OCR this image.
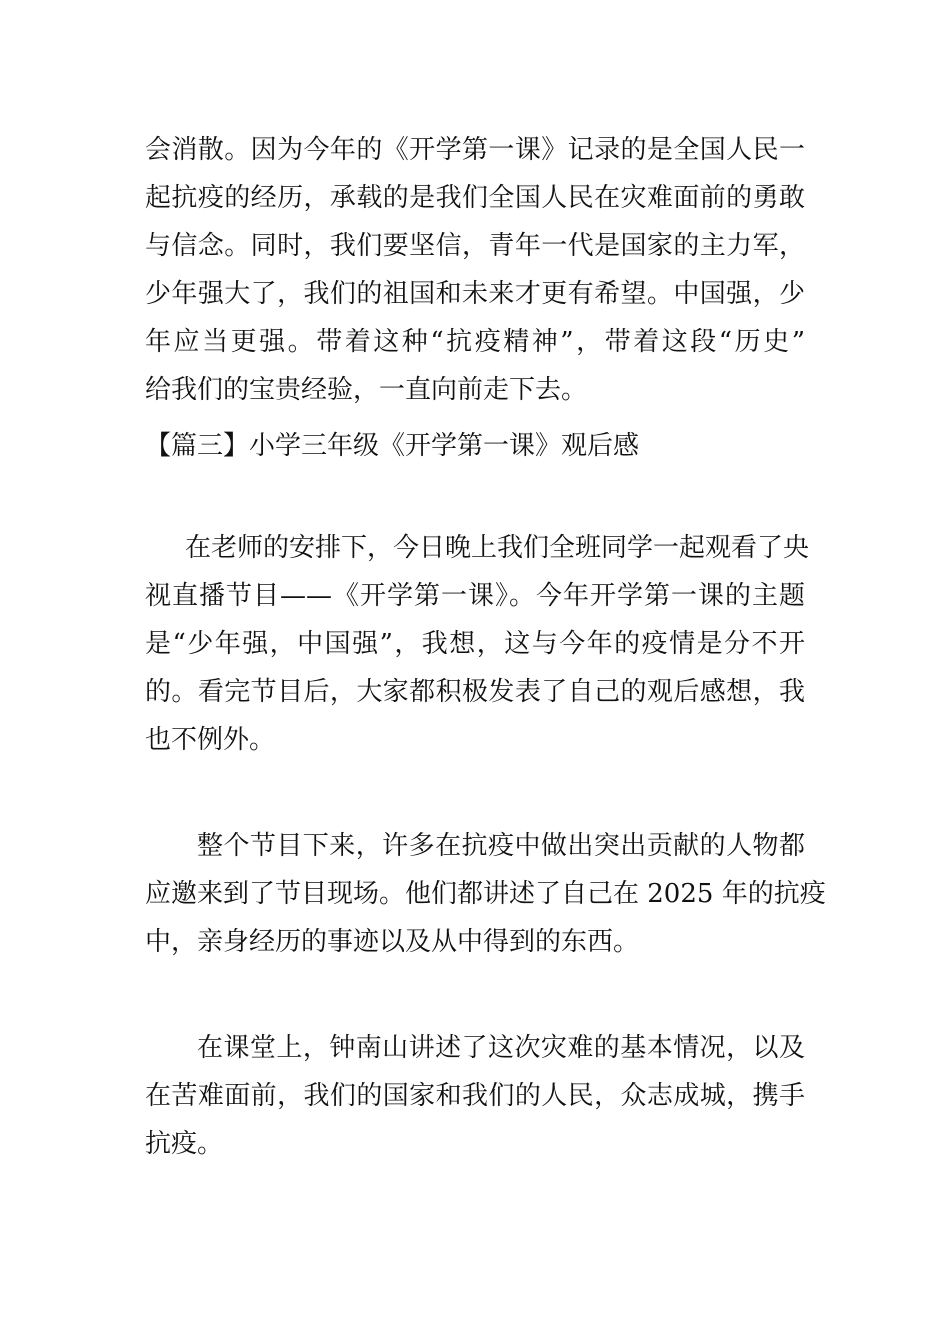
会消散。因为今年的《开学第一课》记录的是全国人民一
起抗疫的经历，承载的是我们全国人民在灾难面前的勇敢
与信念。同时，我们要坚信，青年一代是国家的主力军，
少年强大了，我们的祖国和未来才更有希望。中国强，少
年应当更强。带着这种“抗疫精神”，带着这段“历史”
给我们的宝贵经验，一直向前走下去。
【篇三】小学三年级《开学第一课》观后感
在老师的安排下，今日晚上我们全班同学一起观看了央
视直播节目——《开学第一课》。今年开学第一课的主题
是“少年强，中国强”，我想，这与今年的疫情是分不开
的。看完节目后，大家都积极发表了自己的观后感想，我
也不例外。
整个节目下来，许多在抗疫中做出突出贡献的人物都
应邀来到了节目现场。他们都讲述了自己在 2025 年的抗疫
中，亲身经历的事迹以及从中得到的东西。
在课堂上，钟南山讲述了这次灾难的基本情况，以及
在苦难面前，我们的国家和我们的人民，众志成城，携手
抗疫。
